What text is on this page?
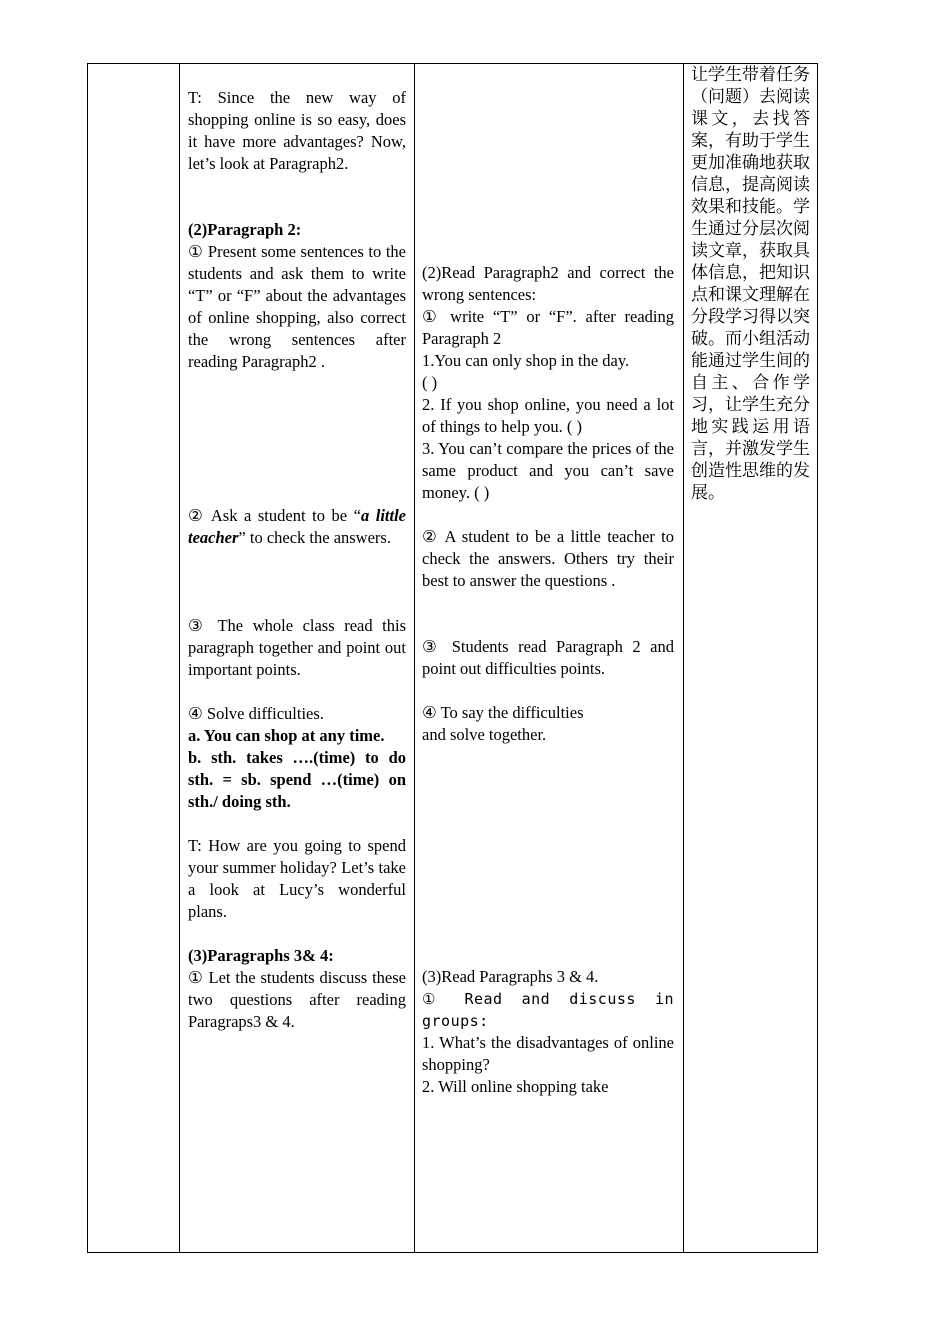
T: Since the new way of shopping online is so easy, does it have more advantages? Now, let’s look at Paragraph2.

(2)Paragraph 2:

① Present some sentences to the students and ask them to write “T” or “F” about the advantages of online shopping, also correct the wrong sentences after reading Paragraph2 .

② Ask a student to be “a little teacher” to check the answers.

③ The whole class read this paragraph together and point out important points.

④ Solve difficulties.

a. You can shop at any time.

b. sth. takes ….(time) to do sth. = sb. spend …(time) on sth./ doing sth.

T: How are you going to spend your summer holiday? Let’s take a look at Lucy’s wonderful plans.

(3)Paragraphs 3& 4:

① Let the students discuss these two questions after reading Paragraps3 & 4.

(2)Read Paragraph2 and correct the wrong sentences:

① write “T” or “F”. after reading Paragraph 2

1.You can only shop in the day.

( )

2. If you shop online, you need a lot of things to help you. ( )

3. You can’t compare the prices of the same product and you can’t save money. ( )

② A student to be a little teacher to check the answers. Others try their best to answer the questions .

③ Students read Paragraph 2 and point out difficulties points.

④ To say the difficulties

and solve together.

(3)Read Paragraphs 3 & 4.

① Read and discuss in groups:

1. What’s the disadvantages of online shopping?

2. Will online shopping take

让学生带着任务（问题）去阅读课文，去找答案，有助于学生更加准确地获取信息，提高阅读效果和技能。学生通过分层次阅读文章，获取具体信息，把知识点和课文理解在分段学习得以突破。而小组活动能通过学生间的自主、合作学习，让学生充分地实践运用语言，并激发学生创造性思维的发展。
